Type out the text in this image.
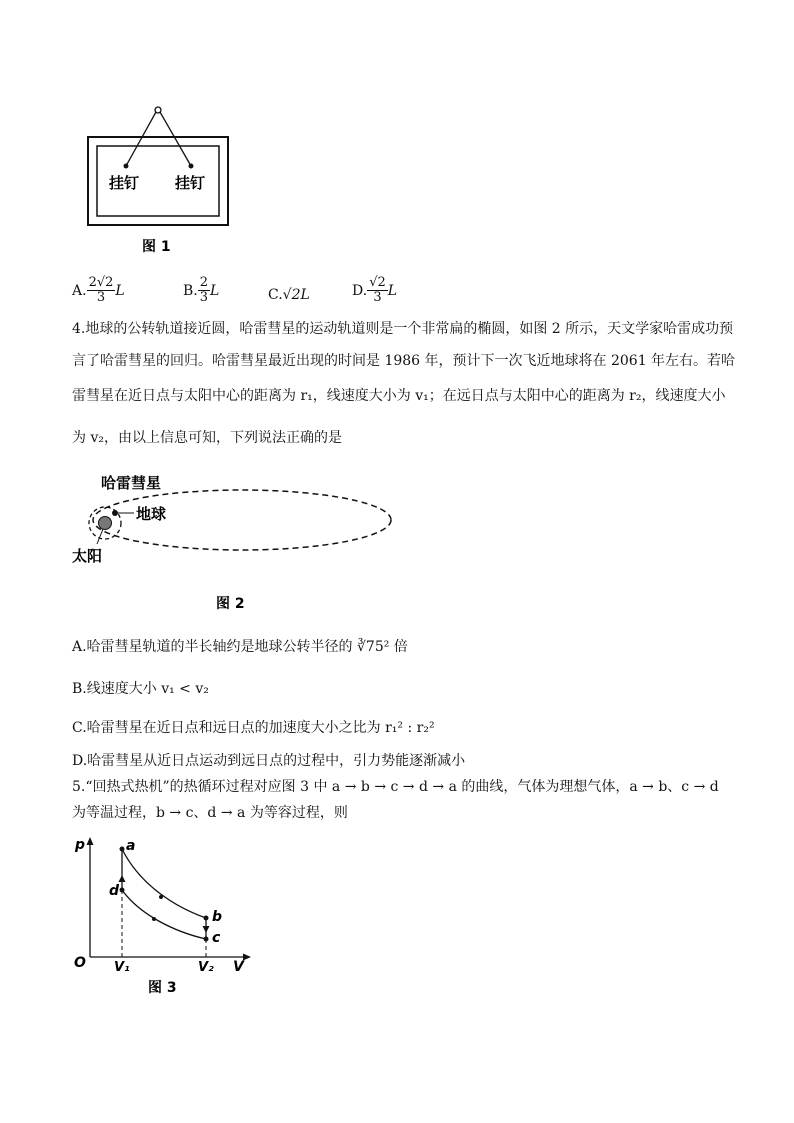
挂钉 挂钉
图 1
A. $\frac{2√2}{3}$ L	B. $\frac{2}{3}$ L	C.√2L	D. $\frac{√2}{3}$ L
4.地球的公转轨道接近圆，哈雷彗星的运动轨道则是一个非常扁的椭圆，如图 2 所示，天文学家哈雷成功预
言了哈雷彗星的回归。哈雷彗星最近出现的时间是 1986 年，预计下一次飞近地球将在 2061 年左右。若哈
雷彗星在近日点与太阳中心的距离为 r₁，线速度大小为 v₁；在远日点与太阳中心的距离为 r₂，线速度大小
为 v₂，由以上信息可知，下列说法正确的是
哈雷彗星
地球
太阳
图 2
A.哈雷彗星轨道的半长轴约是地球公转半径的 ∛75² 倍
B.线速度大小 v₁ < v₂
C.哈雷彗星在近日点和远日点的加速度大小之比为 r₁² : r₂²
D.哈雷彗星从近日点运动到远日点的过程中，引力势能逐渐减小
5.“回热式热机”的热循环过程对应图 3 中 a → b → c → d → a 的曲线，气体为理想气体，a → b、c → d
为等温过程，b → c、d → a 为等容过程，则
a
b
c
d
p
V
O V₁	V₂
图 3
